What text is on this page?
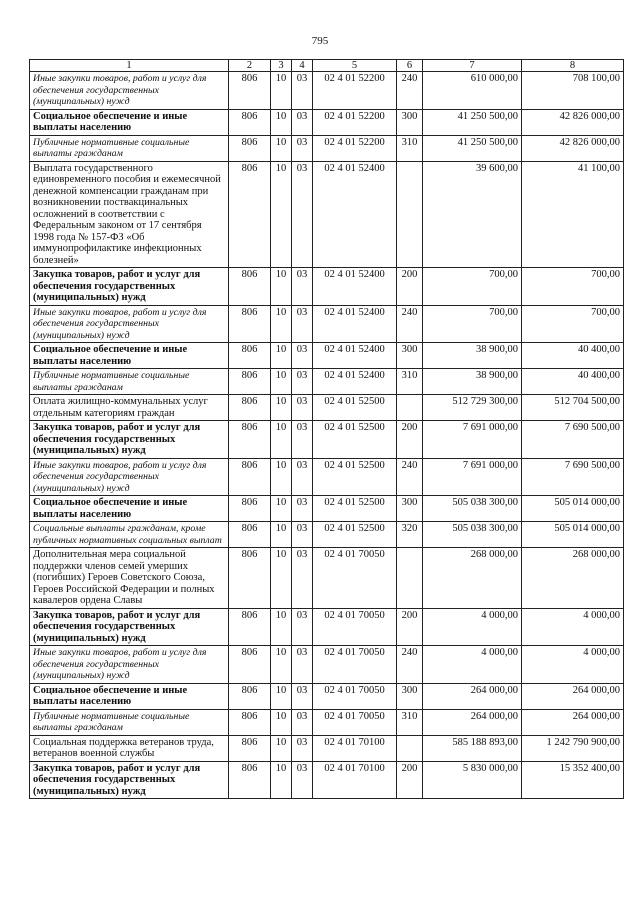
795
1	2	3	4	5	6	7	8
Иные закупки товаров, работ и услуг для обеспечения государственных (муниципальных) нужд	806	10	03	02 4 01 52200	240	610 000,00	708 100,00
Социальное обеспечение и иные выплаты населению	806	10	03	02 4 01 52200	300	41 250 500,00	42 826 000,00
Публичные нормативные социальные выплаты гражданам	806	10	03	02 4 01 52200	310	41 250 500,00	42 826 000,00
Выплата государственного единовременного пособия и ежемесячной денежной компенсации гражданам при возникновении поствакцинальных осложнений в соответствии с Федеральным законом от 17 сентября 1998 года № 157-ФЗ «Об иммунопрофилактике инфекционных болезней»	806	10	03	02 4 01 52400		39 600,00	41 100,00
Закупка товаров, работ и услуг для обеспечения государственных (муниципальных) нужд	806	10	03	02 4 01 52400	200	700,00	700,00
Иные закупки товаров, работ и услуг для обеспечения государственных (муниципальных) нужд	806	10	03	02 4 01 52400	240	700,00	700,00
Социальное обеспечение и иные выплаты населению	806	10	03	02 4 01 52400	300	38 900,00	40 400,00
Публичные нормативные социальные выплаты гражданам	806	10	03	02 4 01 52400	310	38 900,00	40 400,00
Оплата жилищно-коммунальных услуг отдельным категориям граждан	806	10	03	02 4 01 52500		512 729 300,00	512 704 500,00
Закупка товаров, работ и услуг для обеспечения государственных (муниципальных) нужд	806	10	03	02 4 01 52500	200	7 691 000,00	7 690 500,00
Иные закупки товаров, работ и услуг для обеспечения государственных (муниципальных) нужд	806	10	03	02 4 01 52500	240	7 691 000,00	7 690 500,00
Социальное обеспечение и иные выплаты населению	806	10	03	02 4 01 52500	300	505 038 300,00	505 014 000,00
Социальные выплаты гражданам, кроме публичных нормативных социальных выплат	806	10	03	02 4 01 52500	320	505 038 300,00	505 014 000,00
Дополнительная мера социальной поддержки членов семей умерших (погибших) Героев Советского Союза, Героев Российской Федерации и полных кавалеров ордена Славы	806	10	03	02 4 01 70050		268 000,00	268 000,00
Закупка товаров, работ и услуг для обеспечения государственных (муниципальных) нужд	806	10	03	02 4 01 70050	200	4 000,00	4 000,00
Иные закупки товаров, работ и услуг для обеспечения государственных (муниципальных) нужд	806	10	03	02 4 01 70050	240	4 000,00	4 000,00
Социальное обеспечение и иные выплаты населению	806	10	03	02 4 01 70050	300	264 000,00	264 000,00
Публичные нормативные социальные выплаты гражданам	806	10	03	02 4 01 70050	310	264 000,00	264 000,00
Социальная поддержка ветеранов труда, ветеранов военной службы	806	10	03	02 4 01 70100		585 188 893,00	1 242 790 900,00
Закупка товаров, работ и услуг для обеспечения государственных (муниципальных) нужд	806	10	03	02 4 01 70100	200	5 830 000,00	15 352 400,00
